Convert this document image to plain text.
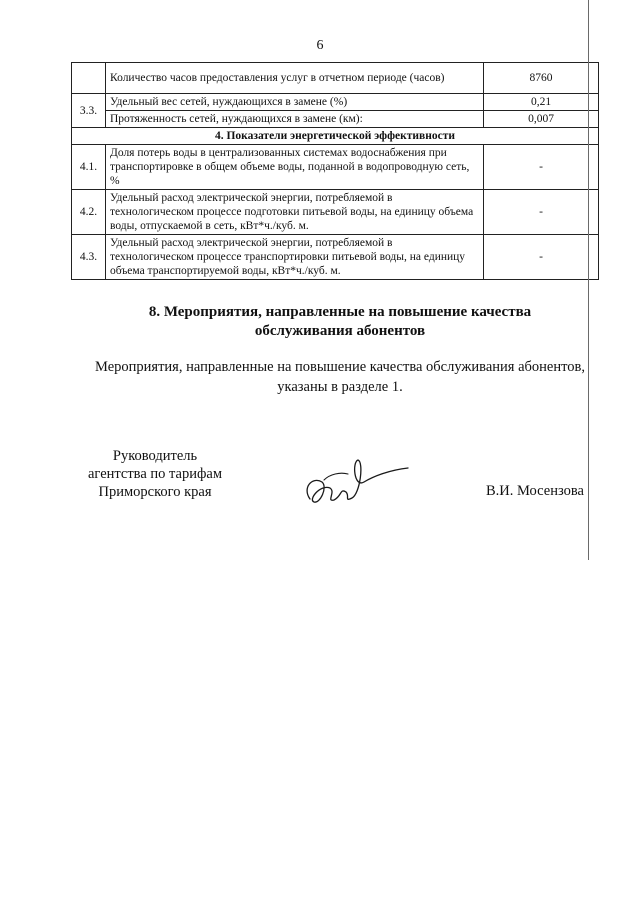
6
	Количество часов предоставления услуг в отчетном периоде (часов)	8760
3.3.	Удельный вес сетей, нуждающихся в замене (%)	0,21
	Протяженность сетей, нуждающихся в замене (км):	0,007
4. Показатели энергетической эффективности		
4.1.	Доля потерь воды в централизованных системах водоснабжения при транспортировке в общем объеме воды, поданной в водопроводную сеть, %	-
4.2.	Удельный расход электрической энергии, потребляемой в технологическом процессе подготовки питьевой воды, на единицу объема воды, отпускаемой в сеть, кВт*ч./куб. м.	-
4.3.	Удельный расход электрической энергии, потребляемой в технологическом процессе транспортировки питьевой воды, на единицу объема транспортируемой воды, кВт*ч./куб. м.	-
8. Мероприятия, направленные на повышение качества
обслуживания абонентов
Мероприятия, направленные на повышение качества обслуживания абонентов,
указаны в разделе 1.
Руководитель
агентства по тарифам
Приморского края	В.И. Мосензова
